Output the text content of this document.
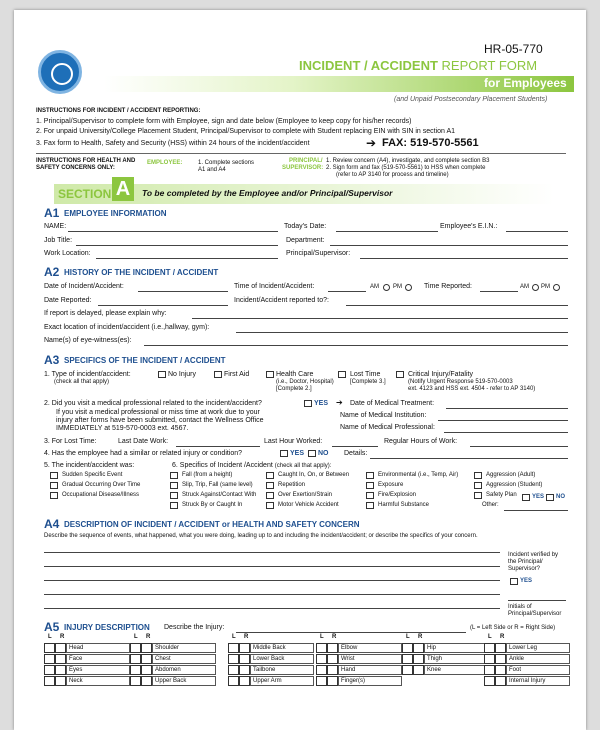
HR-05-770
INCIDENT / ACCIDENT REPORT FORM
for Employees
(and Unpaid Postsecondary Placement Students)
INSTRUCTIONS FOR INCIDENT / ACCIDENT REPORTING:
1. Principal/Supervisor to complete form with Employee, sign and date below (Employee to keep copy for his/her records)
2. For unpaid University/College Placement Student, Principal/Supervisor to complete with Student replacing EIN with SIN in section A1
3. Fax form to Health, Safety and Security (HSS) within 24 hours of the incident/accident	➔ FAX: 519-570-5561
INSTRUCTIONS FOR HEALTH AND
SAFETY CONCERNS ONLY:
EMPLOYEE:	1. Complete sections
A1 and A4
PRINCIPAL/
SUPERVISOR:
1. Review concern (A4), investigate, and complete section B3
2. Sign form and fax (519-570-5561) to HSS when complete
(refer to AP 3140 for process and timeline)
SECTION A	To be completed by the Employee and/or Principal/Supervisor
A1 EMPLOYEE INFORMATION
NAME:	Today's Date:	Employee's E.I.N.:
Job Title:	Department:
Work Location:	Principal/Supervisor:
A2 HISTORY OF THE INCIDENT / ACCIDENT
Date of Incident/Accident:	Time of Incident/Accident:	AM PM	Time Reported:	AM PM
Date Reported:	Incident/Accident reported to?:
If report is delayed, please explain why:
Exact location of incident/accident (i.e.,hallway, gym):
Name(s) of eye-witness(es):
A3 SPECIFICS OF THE INCIDENT / ACCIDENT
1. Type of incident/accident:
(check all that apply)
No Injury	First Aid	Health Care
(i.e., Doctor, Hospital)
[Complete 2.]
Lost Time
[Complete 3.]
Critical Injury/Fatality
(Notify Urgent Response 519-570-0003
ext. 4123 and HSS ext. 4504 - refer to AP 3140)
2. Did you visit a medical professional related to the incident/accident?	YES ➔ Date of Medical Treatment:
If you visit a medical professional or miss time at work due to your
injury after forms have been submitted, contact the Wellness Office
IMMEDIATELY at 519-570-0003 ext. 4567.
Name of Medical Institution:
Name of Medical Professional:
3. For Lost Time:	Last Date Work:	Last Hour Worked:	Regular Hours of Work:
4. Has the employee had a similar or related injury or condition?	YES NO Details:
5. The incident/accident was:	6. Specifics of Incident /Accident (check all that apply):
Sudden Specific Event
Gradual Occurring Over Time
Occupational Disease/Illness
Fall (from a height)
Slip, Trip, Fall (same level)
Struck Against/Contact With
Struck By or Caught In
Caught In, On, or Between
Repetition
Over Exertion/Strain
Motor Vehicle Accident
Environmental (i.e., Temp, Air)
Exposure
Fire/Explosion
Harmful Substance
Aggression (Adult)
Aggression (Student)
Safety Plan
Other:
YES NO
A4 DESCRIPTION OF INCIDENT / ACCIDENT or HEALTH AND SAFETY CONCERN
Describe the sequence of events, what happened, what you were doing, leading up to and including the incident/accident; or describe the specifics of your concern.
Incident verified by
the Principal/
Supervisor?
YES
Initials of
Principal/Supervisor
A5 INJURY DESCRIPTION Describe the Injury:	(L = Left Side or R = Right Side)
L R
Head
Face
Eyes
Neck
L R
Shoulder
Chest
Abdomen
Upper Back
L R
Middle Back
Lower Back
Tailbone
Upper Arm
L R
Elbow
Wrist
Hand
Finger(s)
L R
Hip
Thigh
Knee
L R
Lower Leg
Ankle
Foot
Internal Injury
